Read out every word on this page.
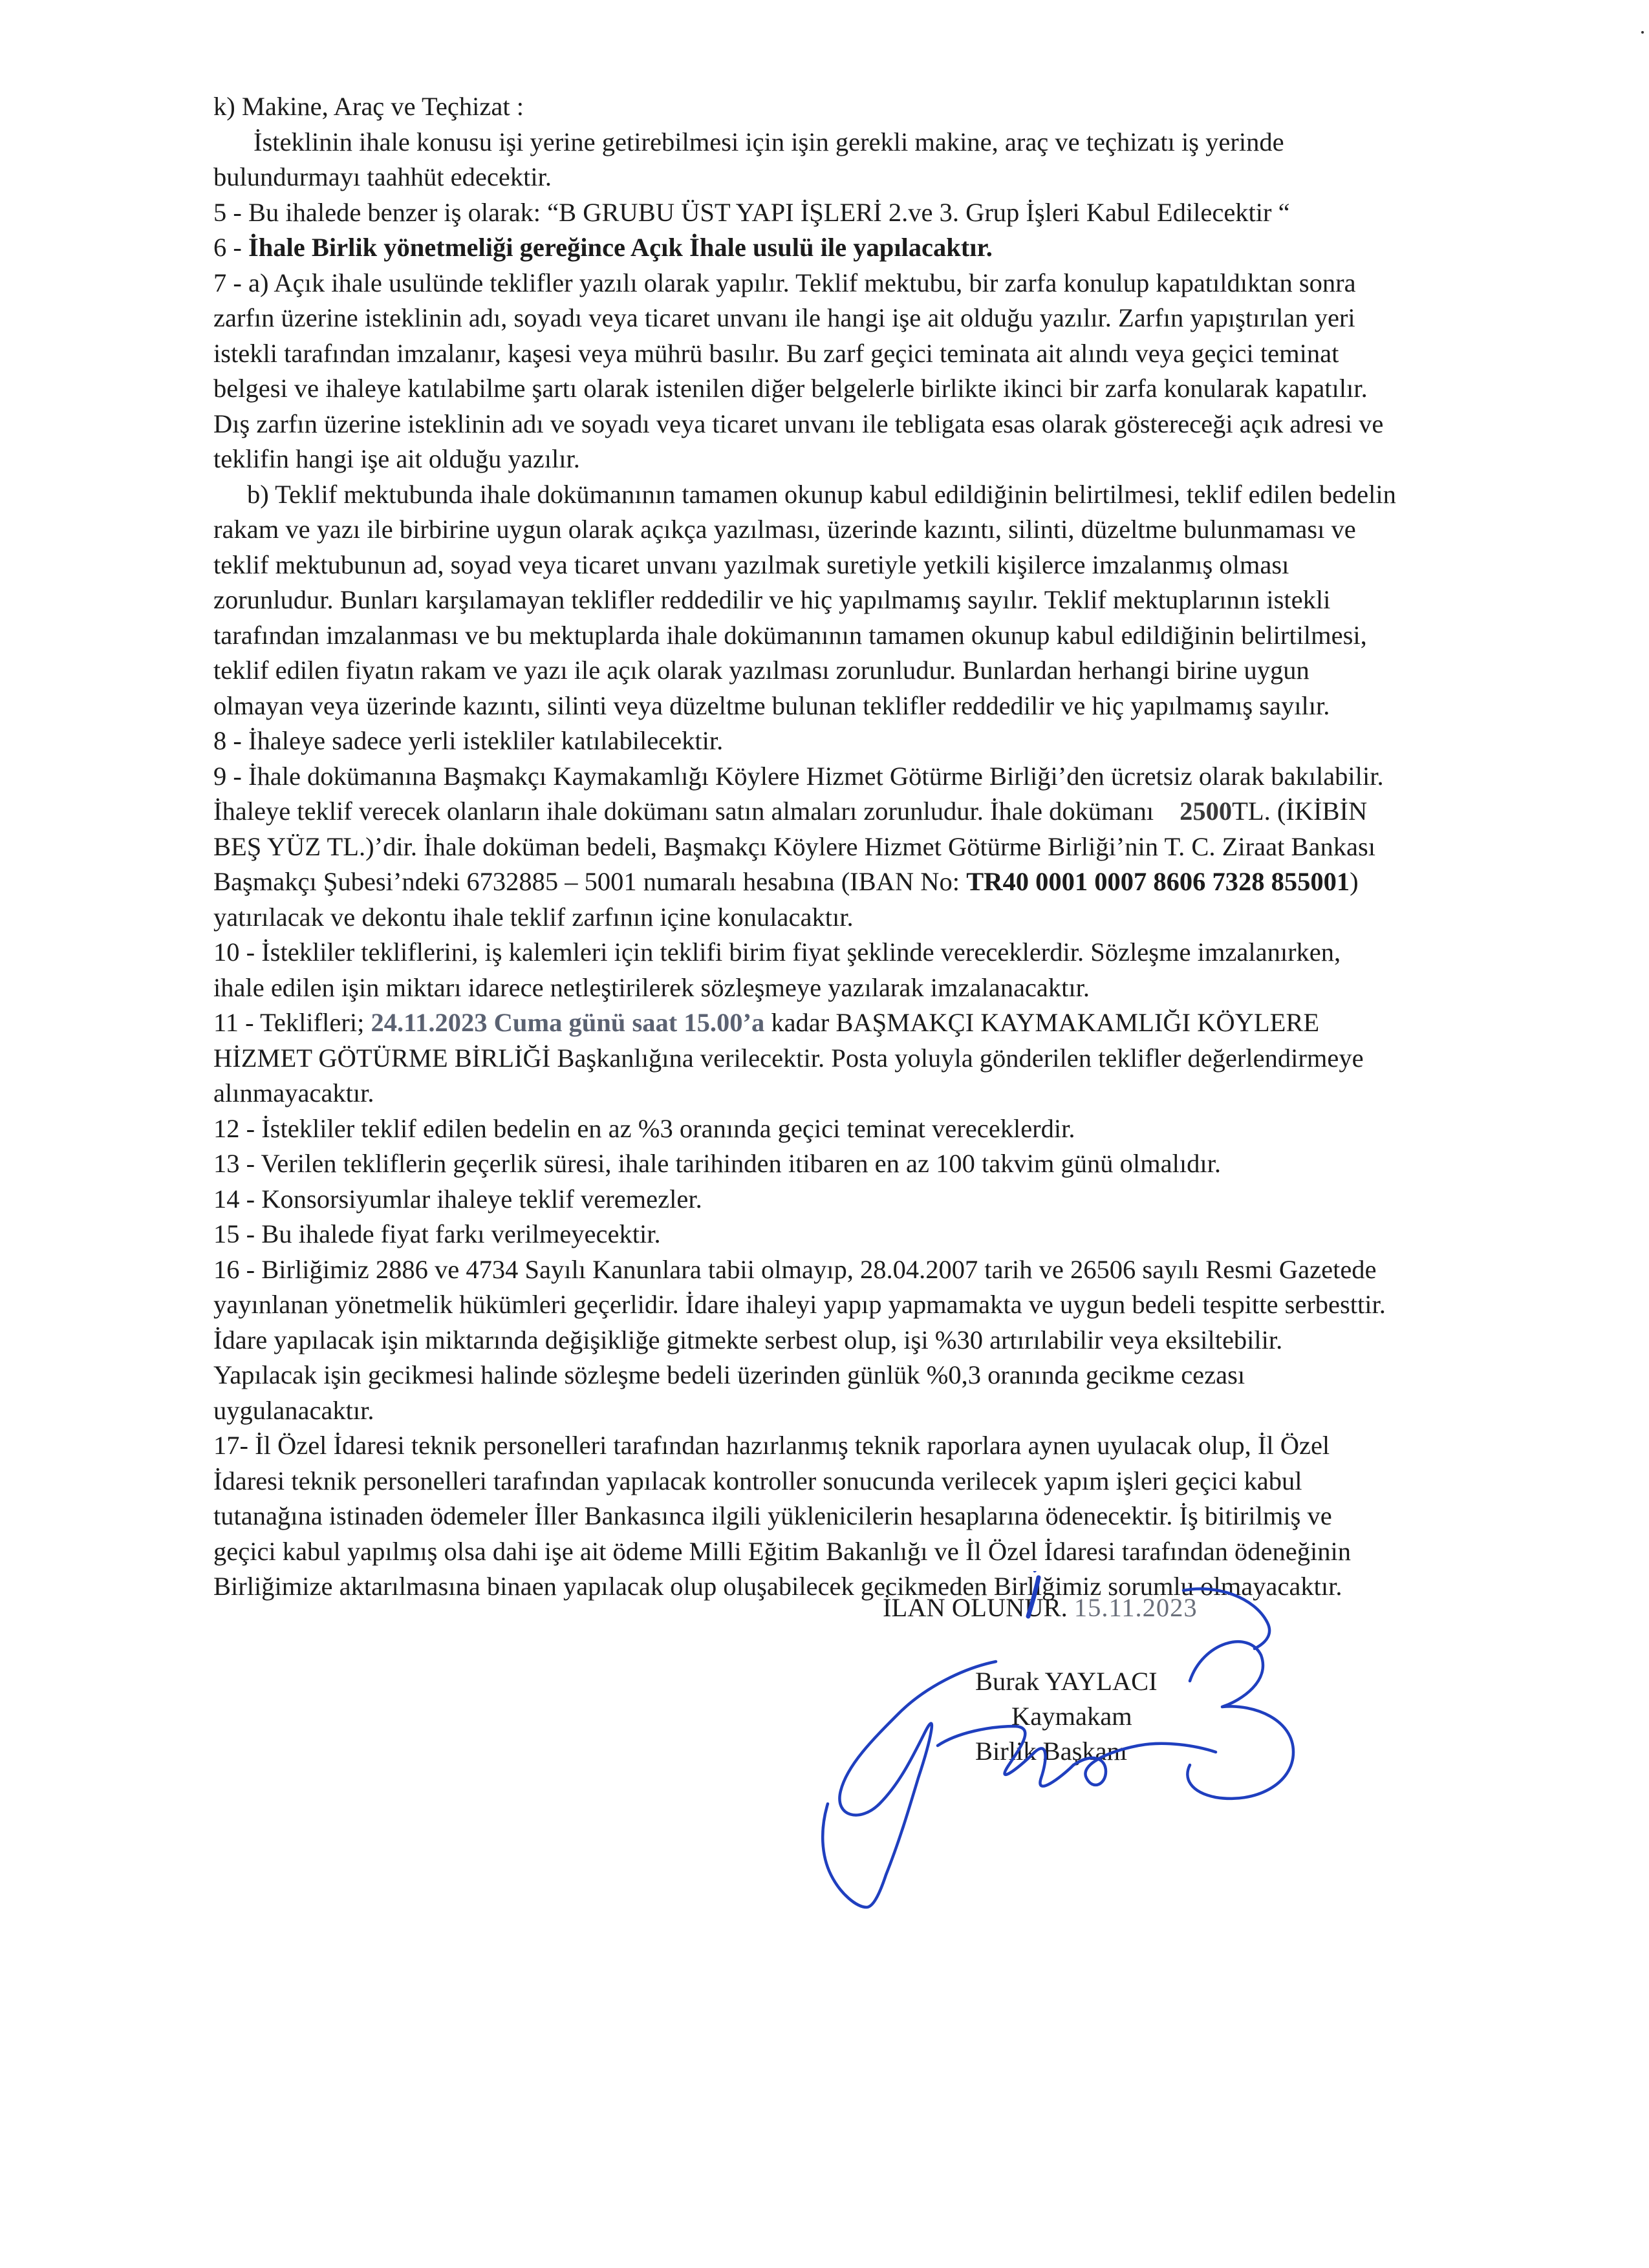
k) Makine, Araç ve Teçhizat :
İsteklinin ihale konusu işi yerine getirebilmesi için işin gerekli makine, araç ve teçhizatı iş yerinde
bulundurmayı taahhüt edecektir.
5 - Bu ihalede benzer iş olarak: “B GRUBU ÜST YAPI İŞLERİ 2.ve 3. Grup İşleri Kabul Edilecektir “
6 - İhale Birlik yönetmeliği gereğince Açık İhale usulü ile yapılacaktır.
7 - a) Açık ihale usulünde teklifler yazılı olarak yapılır. Teklif mektubu, bir zarfa konulup kapatıldıktan sonra
zarfın üzerine isteklinin adı, soyadı veya ticaret unvanı ile hangi işe ait olduğu yazılır. Zarfın yapıştırılan yeri
istekli tarafından imzalanır, kaşesi veya mührü basılır. Bu zarf geçici teminata ait alındı veya geçici teminat
belgesi ve ihaleye katılabilme şartı olarak istenilen diğer belgelerle birlikte ikinci bir zarfa konularak kapatılır.
Dış zarfın üzerine isteklinin adı ve soyadı veya ticaret unvanı ile tebligata esas olarak göstereceği açık adresi ve
teklifin hangi işe ait olduğu yazılır.
b) Teklif mektubunda ihale dokümanının tamamen okunup kabul edildiğinin belirtilmesi, teklif edilen bedelin
rakam ve yazı ile birbirine uygun olarak açıkça yazılması, üzerinde kazıntı, silinti, düzeltme bulunmaması ve
teklif mektubunun ad, soyad veya ticaret unvanı yazılmak suretiyle yetkili kişilerce imzalanmış olması
zorunludur. Bunları karşılamayan teklifler reddedilir ve hiç yapılmamış sayılır. Teklif mektuplarının istekli
tarafından imzalanması ve bu mektuplarda ihale dokümanının tamamen okunup kabul edildiğinin belirtilmesi,
teklif edilen fiyatın rakam ve yazı ile açık olarak yazılması zorunludur. Bunlardan herhangi birine uygun
olmayan veya üzerinde kazıntı, silinti veya düzeltme bulunan teklifler reddedilir ve hiç yapılmamış sayılır.
8 - İhaleye sadece yerli istekliler katılabilecektir.
9 - İhale dokümanına Başmakçı Kaymakamlığı Köylere Hizmet Götürme Birliği’den ücretsiz olarak bakılabilir.
İhaleye teklif verecek olanların ihale dokümanı satın almaları zorunludur. İhale dokümanı 2500TL. (İKİBİN
BEŞ YÜZ TL.)’dir. İhale doküman bedeli, Başmakçı Köylere Hizmet Götürme Birliği’nin T. C. Ziraat Bankası
Başmakçı Şubesi’ndeki 6732885 – 5001 numaralı hesabına (IBAN No: TR40 0001 0007 8606 7328 855001)
yatırılacak ve dekontu ihale teklif zarfının içine konulacaktır.
10 - İstekliler tekliflerini, iş kalemleri için teklifi birim fiyat şeklinde vereceklerdir. Sözleşme imzalanırken,
ihale edilen işin miktarı idarece netleştirilerek sözleşmeye yazılarak imzalanacaktır.
11 - Teklifleri; 24.11.2023 Cuma günü saat 15.00’a kadar BAŞMAKÇI KAYMAKAMLIĞI KÖYLERE
HİZMET GÖTÜRME BİRLİĞİ Başkanlığına verilecektir. Posta yoluyla gönderilen teklifler değerlendirmeye
alınmayacaktır.
12 - İstekliler teklif edilen bedelin en az %3 oranında geçici teminat vereceklerdir.
13 - Verilen tekliflerin geçerlik süresi, ihale tarihinden itibaren en az 100 takvim günü olmalıdır.
14 - Konsorsiyumlar ihaleye teklif veremezler.
15 - Bu ihalede fiyat farkı verilmeyecektir.
16 - Birliğimiz 2886 ve 4734 Sayılı Kanunlara tabii olmayıp, 28.04.2007 tarih ve 26506 sayılı Resmi Gazetede
yayınlanan yönetmelik hükümleri geçerlidir. İdare ihaleyi yapıp yapmamakta ve uygun bedeli tespitte serbesttir.
İdare yapılacak işin miktarında değişikliğe gitmekte serbest olup, işi %30 artırılabilir veya eksiltebilir.
Yapılacak işin gecikmesi halinde sözleşme bedeli üzerinden günlük %0,3 oranında gecikme cezası
uygulanacaktır.
17- İl Özel İdaresi teknik personelleri tarafından hazırlanmış teknik raporlara aynen uyulacak olup, İl Özel
İdaresi teknik personelleri tarafından yapılacak kontroller sonucunda verilecek yapım işleri geçici kabul
tutanağına istinaden ödemeler İller Bankasınca ilgili yüklenicilerin hesaplarına ödenecektir. İş bitirilmiş ve
geçici kabul yapılmış olsa dahi işe ait ödeme Milli Eğitim Bakanlığı ve İl Özel İdaresi tarafından ödeneğinin
Birliğimize aktarılmasına binaen yapılacak olup oluşabilecek gecikmeden Birliğimiz sorumlu olmayacaktır.
İLAN OLUNUR. 15.11.2023
Burak YAYLACI
Kaymakam
Birlik Başkanı
